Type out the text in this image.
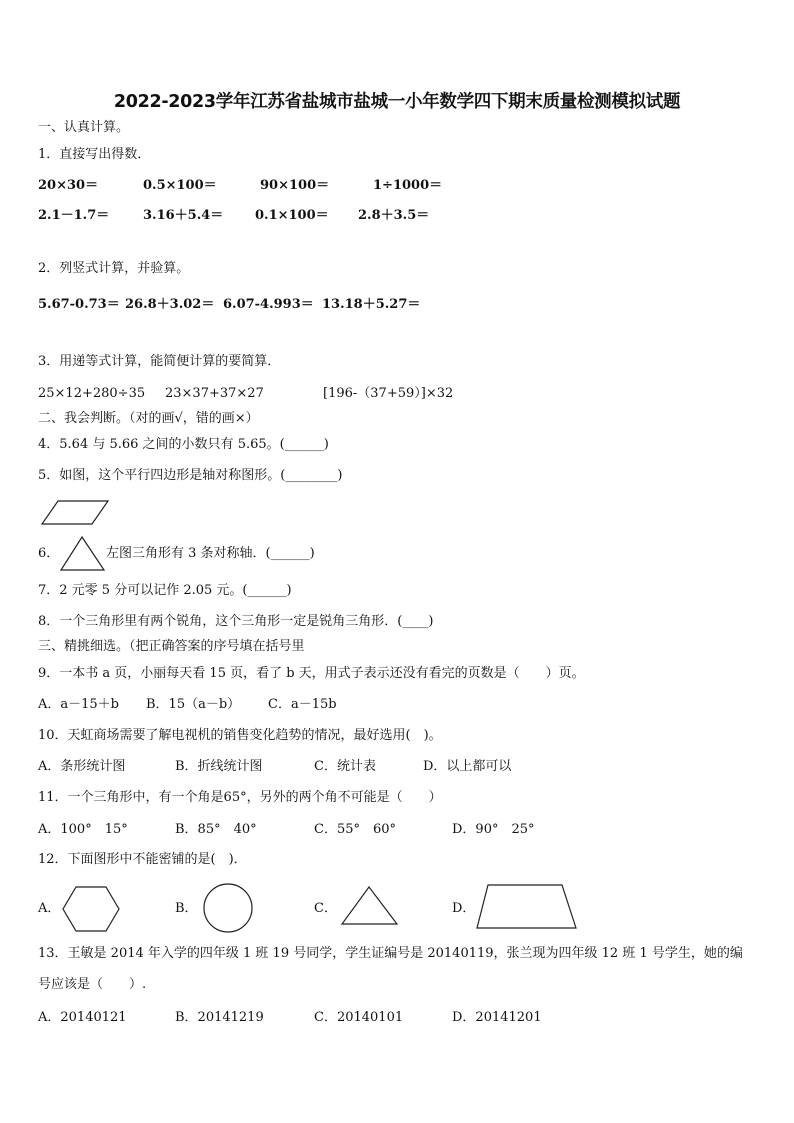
2022-2023学年江苏省盐城市盐城一小年数学四下期末质量检测模拟试题
一、认真计算。
1．直接写出得数．
20×30＝	0.5×100＝	90×100＝	1÷1000＝
2.1－1.7＝	3.16＋5.4＝ 0.1×100＝ 2.8＋3.5＝
2．列竖式计算，并验算。
5.67-0.73＝ 26.8＋3.02＝ 6.07-4.993＝ 13.18＋5.27＝
3．用递等式计算，能简便计算的要简算．
25×12+280÷35 23×37+37×27	[196-（37+59）]×32
二、我会判断。（对的画√，错的画×）
4．5.64 与 5.66 之间的小数只有 5.65。(______)
5．如图，这个平行四边形是轴对称图形。(________)
6．	左图三角形有 3 条对称轴．(______)
7．2 元零 5 分可以记作 2.05 元。(______)
8．一个三角形里有两个锐角，这个三角形一定是锐角三角形．(____)
三、精挑细选。（把正确答案的序号填在括号里
9．一本书 a 页，小丽每天看 15 页，看了 b 天，用式子表示还没有看完的页数是（　　）页。
A．a－15＋b B．15（a－b） C．a－15b
10．天虹商场需要了解电视机的销售变化趋势的情况，最好选用(　)。
A．条形统计图	B．折线统计图	C．统计表	D．以上都可以
11．一个三角形中，有一个角是65°，另外的两个角不可能是（　　）
A．100°　15°	B．85°　40°	C．55°　60°	D．90°　25°
12．下面图形中不能密铺的是(　)．
A．	B．	C．	D．
13．王敏是 2014 年入学的四年级 1 班 19 号同学，学生证编号是 20140119，张兰现为四年级 12 班 1 号学生，她的编
号应该是（　　）.
A．20140121	B．20141219	C．20140101	D．20141201
